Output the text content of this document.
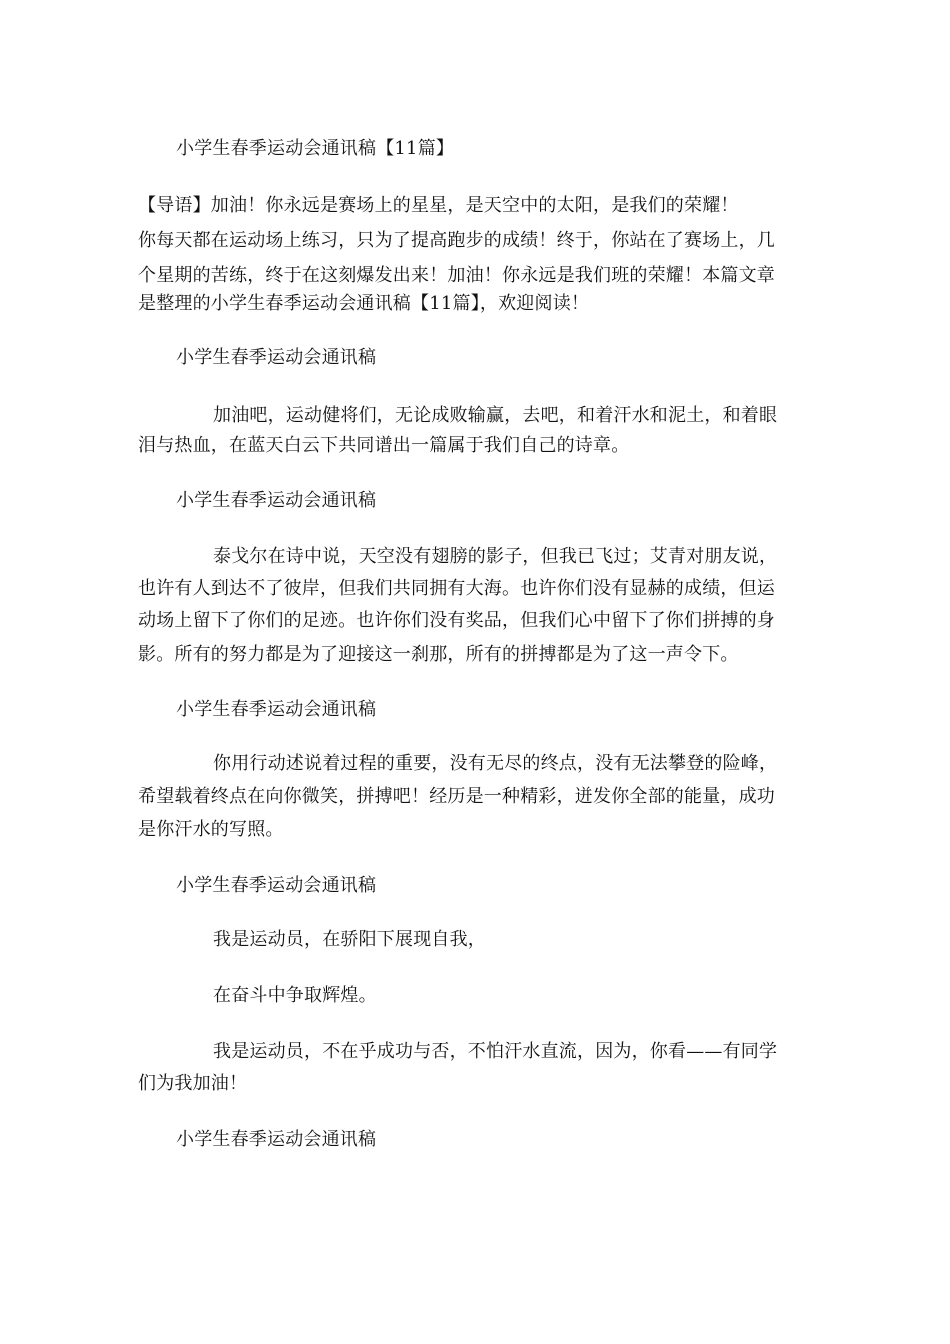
小学生春季运动会通讯稿【11篇】
【导语】加油！你永远是赛场上的星星，是天空中的太阳，是我们的荣耀！
你每天都在运动场上练习，只为了提高跑步的成绩！终于，你站在了赛场上，几
个星期的苦练，终于在这刻爆发出来！加油！你永远是我们班的荣耀！本篇文章
是整理的小学生春季运动会通讯稿【11篇】，欢迎阅读！
小学生春季运动会通讯稿
加油吧，运动健将们，无论成败输赢，去吧，和着汗水和泥土，和着眼
泪与热血，在蓝天白云下共同谱出一篇属于我们自己的诗章。
小学生春季运动会通讯稿
泰戈尔在诗中说，天空没有翅膀的影子，但我已飞过；艾青对朋友说，
也许有人到达不了彼岸，但我们共同拥有大海。也许你们没有显赫的成绩，但运
动场上留下了你们的足迹。也许你们没有奖品，但我们心中留下了你们拼搏的身
影。所有的努力都是为了迎接这一刹那，所有的拼搏都是为了这一声令下。
小学生春季运动会通讯稿
你用行动述说着过程的重要，没有无尽的终点，没有无法攀登的险峰，
希望载着终点在向你微笑，拼搏吧！经历是一种精彩，迸发你全部的能量，成功
是你汗水的写照。
小学生春季运动会通讯稿
我是运动员，在骄阳下展现自我，
在奋斗中争取辉煌。
我是运动员，不在乎成功与否，不怕汗水直流，因为，你看——有同学
们为我加油！
小学生春季运动会通讯稿
